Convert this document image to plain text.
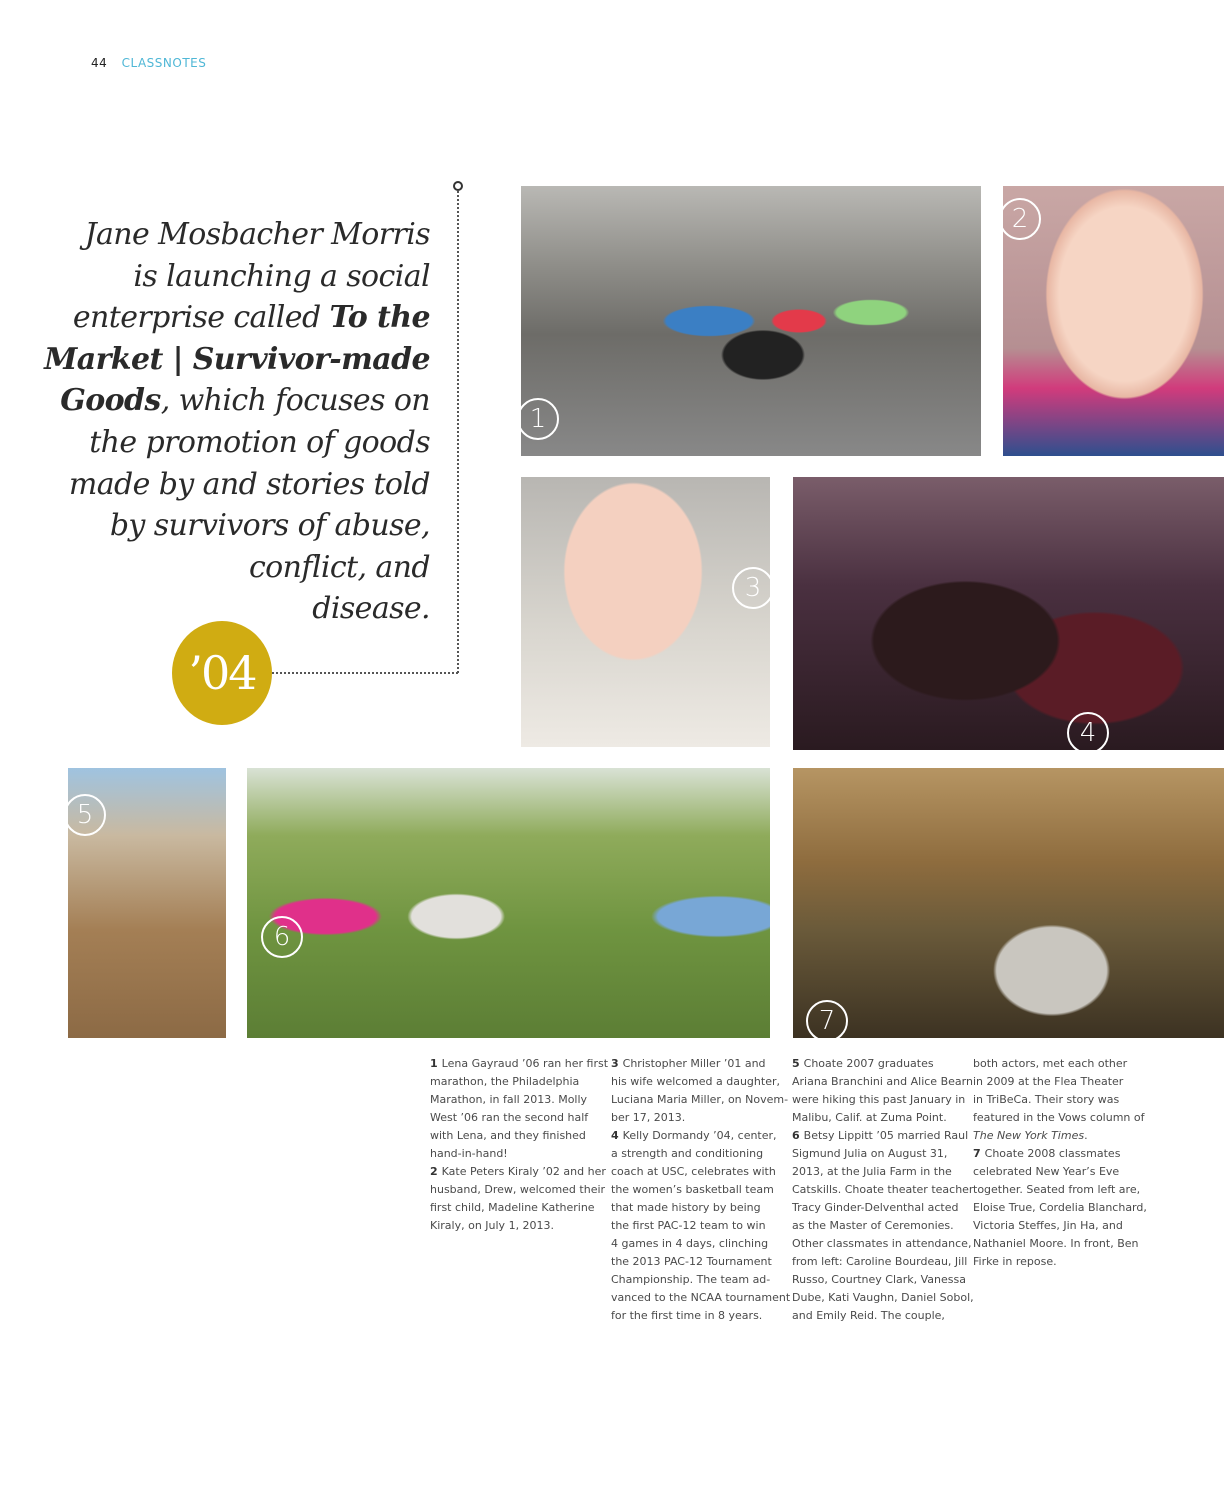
44 CLASSNOTES
Jane Mosbacher Morris
is launching a social
enterprise called To the
Market | Survivor-made
Goods, which focuses on
the promotion of goods
made by and stories told
by survivors of abuse,
conflict, and
disease.
’04
1
2
3
4
5
6
7
1 Lena Gayraud ’06 ran her first
marathon, the Philadelphia
Marathon, in fall 2013. Molly
West ’06 ran the second half
with Lena, and they finished
hand-in-hand!
2 Kate Peters Kiraly ’02 and her
husband, Drew, welcomed their
first child, Madeline Katherine
Kiraly, on July 1, 2013.
3 Christopher Miller ’01 and
his wife welcomed a daughter,
Luciana Maria Miller, on Novem-
ber 17, 2013.
4 Kelly Dormandy ’04, center,
a strength and conditioning
coach at USC, celebrates with
the women’s basketball team
that made history by being
the first PAC-12 team to win
4 games in 4 days, clinching
the 2013 PAC-12 Tournament
Championship. The team ad-
vanced to the NCAA tournament
for the first time in 8 years.
5 Choate 2007 graduates
Ariana Branchini and Alice Bearn
were hiking this past January in
Malibu, Calif. at Zuma Point.
6 Betsy Lippitt ’05 married Raul
Sigmund Julia on August 31,
2013, at the Julia Farm in the
Catskills. Choate theater teacher
Tracy Ginder-Delventhal acted
as the Master of Ceremonies.
Other classmates in attendance,
from left: Caroline Bourdeau, Jill
Russo, Courtney Clark, Vanessa
Dube, Kati Vaughn, Daniel Sobol,
and Emily Reid. The couple,
both actors, met each other
in 2009 at the Flea Theater
in TriBeCa. Their story was
featured in the Vows column of
The New York Times.
7 Choate 2008 classmates
celebrated New Year’s Eve
together. Seated from left are,
Eloise True, Cordelia Blanchard,
Victoria Steffes, Jin Ha, and
Nathaniel Moore. In front, Ben
Firke in repose.
